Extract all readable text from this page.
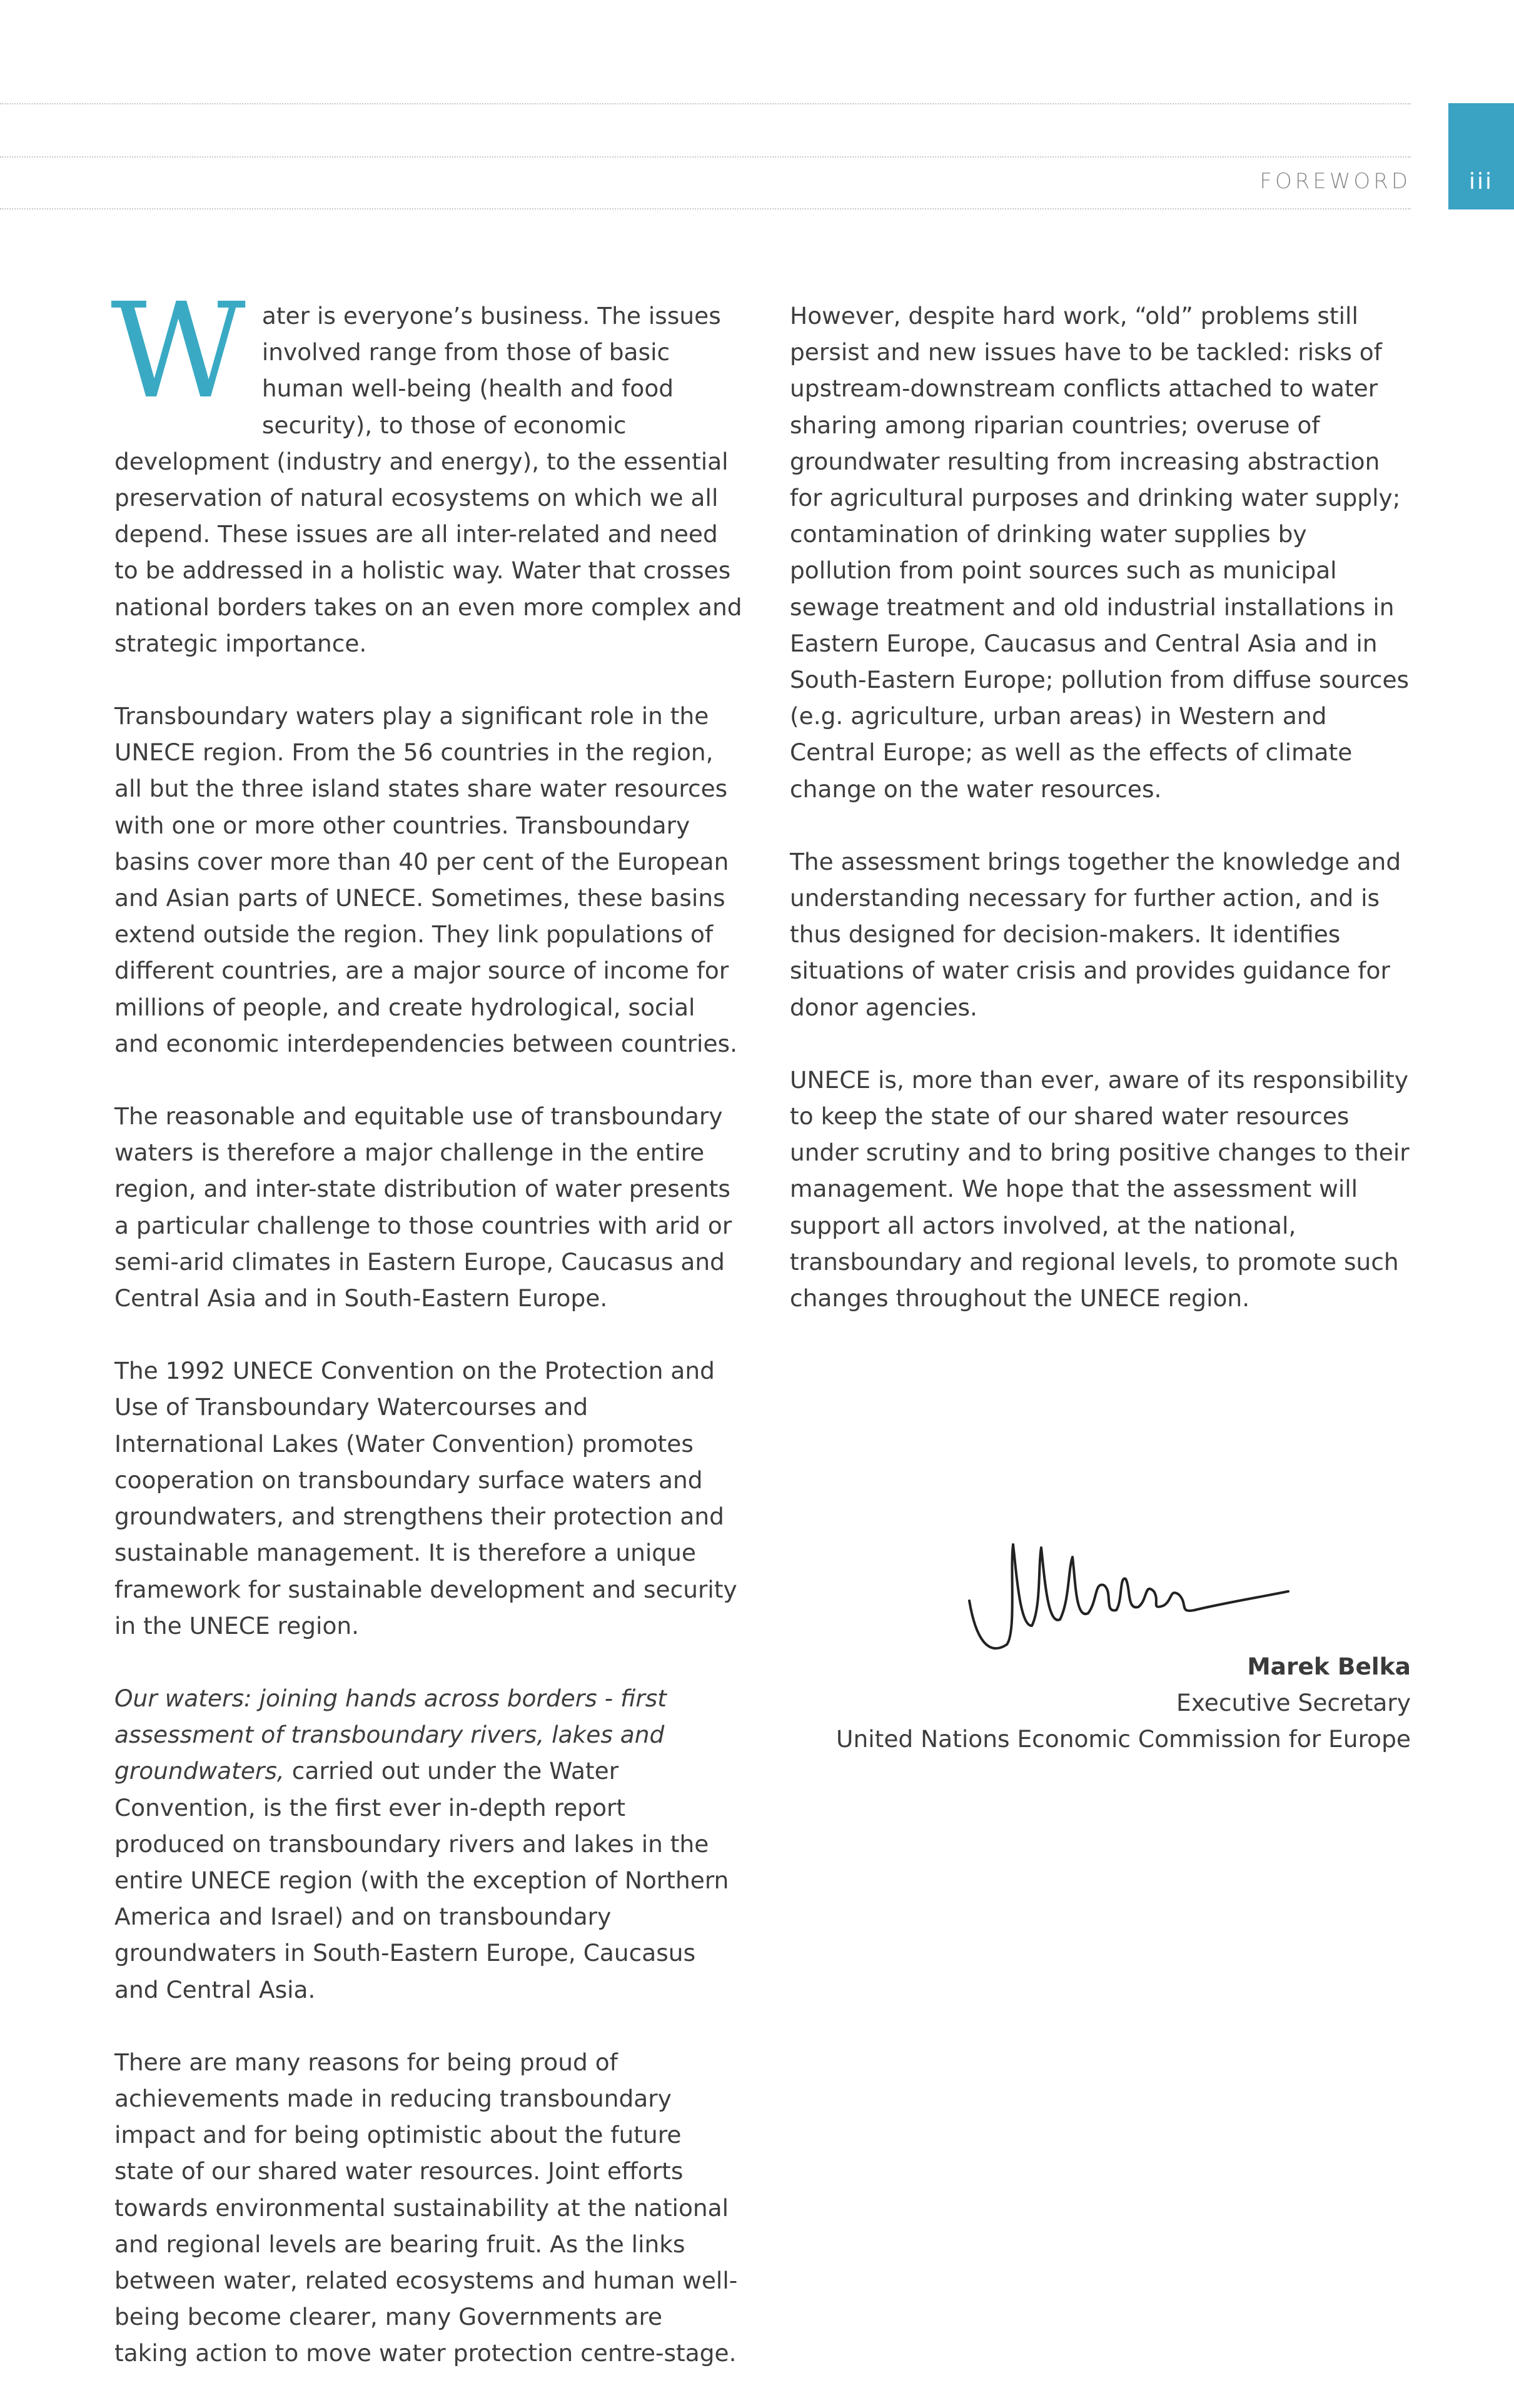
FOREWORD	iii

Water is everyone’s business. The issues involved range from those of basic human well-being (health and food security), to those of economic development (industry and energy), to the essential preservation of natural ecosystems on which we all depend. These issues are all inter-related and need to be addressed in a holistic way. Water that crosses national borders takes on an even more complex and strategic importance.

Transboundary waters play a significant role in the UNECE region. From the 56 countries in the region, all but the three island states share water resources with one or more other countries. Transboundary basins cover more than 40 per cent of the European and Asian parts of UNECE. Sometimes, these basins extend outside the region. They link populations of different countries, are a major source of income for millions of people, and create hydrological, social and economic interdependencies between countries.

The reasonable and equitable use of transboundary waters is therefore a major challenge in the entire region, and inter-state distribution of water presents a particular challenge to those countries with arid or semi-arid climates in Eastern Europe, Caucasus and Central Asia and in South-Eastern Europe.

The 1992 UNECE Convention on the Protection and Use of Transboundary Watercourses and International Lakes (Water Convention) promotes cooperation on transboundary surface waters and groundwaters, and strengthens their protection and sustainable management. It is therefore a unique framework for sustainable development and security in the UNECE region.

Our waters: joining hands across borders - first assessment of transboundary rivers, lakes and groundwaters, carried out under the Water Convention, is the first ever in-depth report produced on transboundary rivers and lakes in the entire UNECE region (with the exception of Northern America and Israel) and on transboundary groundwaters in South-Eastern Europe, Caucasus and Central Asia.

There are many reasons for being proud of achievements made in reducing transboundary impact and for being optimistic about the future state of our shared water resources. Joint efforts towards environmental sustainability at the national and regional levels are bearing fruit. As the links between water, related ecosystems and human well-being become clearer, many Governments are taking action to move water protection centre-stage.

However, despite hard work, “old” problems still persist and new issues have to be tackled: risks of upstream-downstream conflicts attached to water sharing among riparian countries; overuse of groundwater resulting from increasing abstraction for agricultural purposes and drinking water supply; contamination of drinking water supplies by pollution from point sources such as municipal sewage treatment and old industrial installations in Eastern Europe, Caucasus and Central Asia and in South-Eastern Europe; pollution from diffuse sources (e.g. agriculture, urban areas) in Western and Central Europe; as well as the effects of climate change on the water resources.

The assessment brings together the knowledge and understanding necessary for further action, and is thus designed for decision-makers. It identifies situations of water crisis and provides guidance for donor agencies.

UNECE is, more than ever, aware of its responsibility to keep the state of our shared water resources under scrutiny and to bring positive changes to their management. We hope that the assessment will support all actors involved, at the national, transboundary and regional levels, to promote such changes throughout the UNECE region.

Marek Belka
Executive Secretary
United Nations Economic Commission for Europe
